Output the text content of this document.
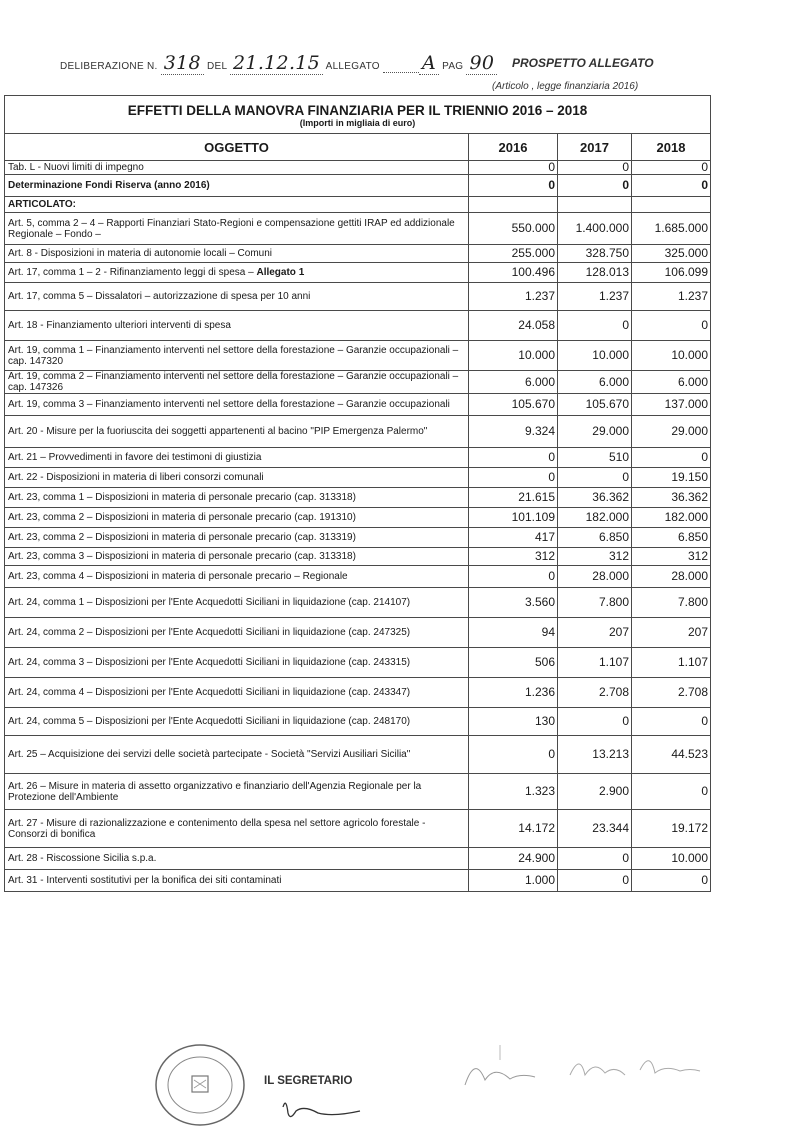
DELIBERAZIONE N. 318 DEL 21.12.15 ALLEGATO A PAG 90 PROSPETTO ALLEGATO
(Articolo , legge finanziaria 2016)
EFFETTI DELLA MANOVRA FINANZIARIA PER IL TRIENNIO 2016 – 2018			
(Importi in migliaia di euro)			
OGGETTO	2016	2017	2018
Tab. L - Nuovi limiti di impegno	0	0	0
Determinazione Fondi Riserva (anno 2016)	0	0	0
ARTICOLATO:			
Art. 5, comma 2 – 4 – Rapporti Finanziari Stato-Regioni e compensazione gettiti IRAP ed addizionale Regionale – Fondo –	550.000	1.400.000	1.685.000
Art. 8 - Disposizioni in materia di autonomie locali – Comuni	255.000	328.750	325.000
Art. 17, comma 1 – 2 - Rifinanziamento leggi di spesa – Allegato 1	100.496	128.013	106.099
Art. 17, comma 5 – Dissalatori – autorizzazione di spesa per 10 anni	1.237	1.237	1.237
Art. 18 - Finanziamento ulteriori interventi di spesa	24.058	0	0
Art. 19, comma 1 – Finanziamento interventi nel settore della forestazione – Garanzie occupazionali – cap. 147320	10.000	10.000	10.000
Art. 19, comma 2 – Finanziamento interventi nel settore della forestazione – Garanzie occupazionali – cap. 147326	6.000	6.000	6.000
Art. 19, comma 3 – Finanziamento interventi nel settore della forestazione – Garanzie occupazionali	105.670	105.670	137.000
Art. 20 - Misure per la fuoriuscita dei soggetti appartenenti al bacino "PIP Emergenza Palermo"	9.324	29.000	29.000
Art. 21 – Provvedimenti in favore dei testimoni di giustizia	0	510	0
Art. 22 - Disposizioni in materia di liberi consorzi comunali	0	0	19.150
Art. 23, comma 1 – Disposizioni in materia di personale precario (cap. 313318)	21.615	36.362	36.362
Art. 23, comma 2 – Disposizioni in materia di personale precario (cap. 191310)	101.109	182.000	182.000
Art. 23, comma 2 – Disposizioni in materia di personale precario (cap. 313319)	417	6.850	6.850
Art. 23, comma 3 – Disposizioni in materia di personale precario (cap. 313318)	312	312	312
Art. 23, comma 4 – Disposizioni in materia di personale precario – Regionale	0	28.000	28.000
Art. 24, comma 1 – Disposizioni per l'Ente Acquedotti Siciliani in liquidazione (cap. 214107)	3.560	7.800	7.800
Art. 24, comma 2 – Disposizioni per l'Ente Acquedotti Siciliani in liquidazione (cap. 247325)	94	207	207
Art. 24, comma 3 – Disposizioni per l'Ente Acquedotti Siciliani in liquidazione (cap. 243315)	506	1.107	1.107
Art. 24, comma 4 – Disposizioni per l'Ente Acquedotti Siciliani in liquidazione (cap. 243347)	1.236	2.708	2.708
Art. 24, comma 5 – Disposizioni per l'Ente Acquedotti Siciliani in liquidazione (cap. 248170)	130	0	0
Art. 25 – Acquisizione dei servizi delle società partecipate - Società "Servizi Ausiliari Sicilia"	0	13.213	44.523
Art. 26 – Misure in materia di assetto organizzativo e finanziario dell'Agenzia Regionale per la Protezione dell'Ambiente	1.323	2.900	0
Art. 27 - Misure di razionalizzazione e contenimento della spesa nel settore agricolo forestale - Consorzi di bonifica	14.172	23.344	19.172
Art. 28 - Riscossione Sicilia s.p.a.	24.900	0	10.000
Art. 31 - Interventi sostitutivi per la bonifica dei siti contaminati	1.000	0	0
IL SEGRETARIO
